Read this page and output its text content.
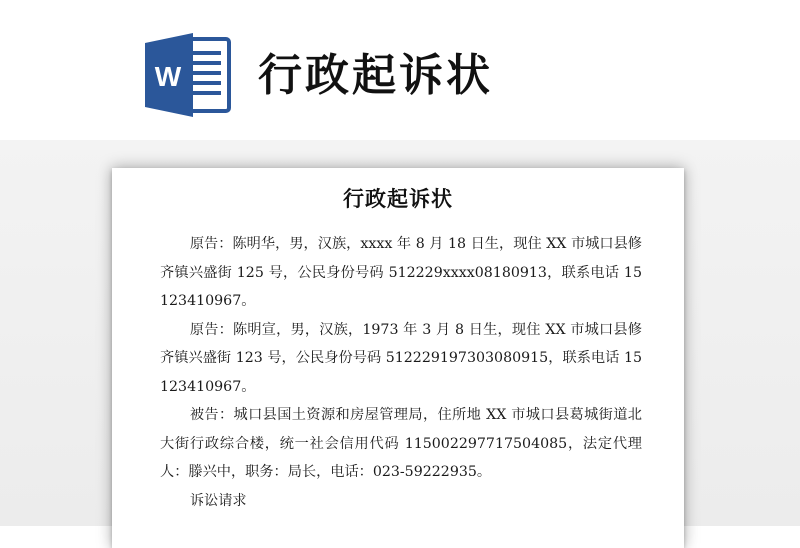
W 行政起诉状
行政起诉状

原告：陈明华，男，汉族，xxxx 年 8 月 18 日生，现住 XX 市城口县修齐镇兴盛街 125 号，公民身份号码 512229xxxx08180913，联系电话 15123410967。

原告：陈明宣，男，汉族，1973 年 3 月 8 日生，现住 XX 市城口县修齐镇兴盛街 123 号，公民身份号码 512229197303080915，联系电话 15123410967。

被告：城口县国土资源和房屋管理局，住所地 XX 市城口县葛城街道北大街行政综合楼，统一社会信用代码 115002297717504085，法定代理人：滕兴中，职务：局长，电话：023-59222935。

诉讼请求
